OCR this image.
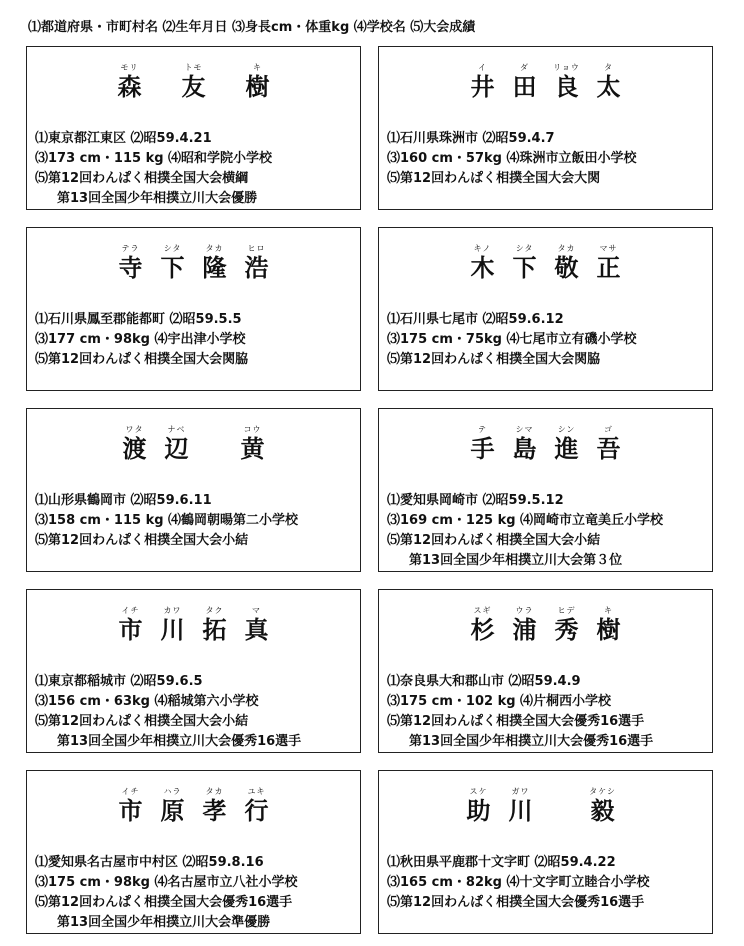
⑴都道府県・市町村名 ⑵生年月日 ⑶身長cm・体重kg ⑷学校名 ⑸大会成績
モリ
森
トモ
友
キ
樹
⑴東京都江東区 ⑵昭59.4.21
⑶173 cm・115 kg ⑷昭和学院小学校
⑸第12回わんぱく相撲全国大会横綱
第13回全国少年相撲立川大会優勝
イ
井
ダ
田
リョウ
良
タ
太
⑴石川県珠洲市 ⑵昭59.4.7
⑶160 cm・57kg ⑷珠洲市立飯田小学校
⑸第12回わんぱく相撲全国大会大関
テラ
寺
シタ
下
タカ
隆
ヒロ
浩
⑴石川県鳳至郡能都町 ⑵昭59.5.5
⑶177 cm・98kg ⑷宇出津小学校
⑸第12回わんぱく相撲全国大会関脇
キノ
木
シタ
下
タカ
敬
マサ
正
⑴石川県七尾市 ⑵昭59.6.12
⑶175 cm・75kg ⑷七尾市立有磯小学校
⑸第12回わんぱく相撲全国大会関脇
ワタ
渡
ナベ
辺
コウ
黄
⑴山形県鶴岡市 ⑵昭59.6.11
⑶158 cm・115 kg ⑷鶴岡朝暘第二小学校
⑸第12回わんぱく相撲全国大会小結
テ
手
シマ
島
シン
進
ゴ
吾
⑴愛知県岡崎市 ⑵昭59.5.12
⑶169 cm・125 kg ⑷岡崎市立竜美丘小学校
⑸第12回わんぱく相撲全国大会小結
第13回全国少年相撲立川大会第３位
イチ
市
カワ
川
タク
拓
マ
真
⑴東京都稲城市 ⑵昭59.6.5
⑶156 cm・63kg ⑷稲城第六小学校
⑸第12回わんぱく相撲全国大会小結
第13回全国少年相撲立川大会優秀16選手
スギ
杉
ウラ
浦
ヒデ
秀
キ
樹
⑴奈良県大和郡山市 ⑵昭59.4.9
⑶175 cm・102 kg ⑷片桐西小学校
⑸第12回わんぱく相撲全国大会優秀16選手
第13回全国少年相撲立川大会優秀16選手
イチ
市
ハラ
原
タカ
孝
ユキ
行
⑴愛知県名古屋市中村区 ⑵昭59.8.16
⑶175 cm・98kg ⑷名古屋市立八社小学校
⑸第12回わんぱく相撲全国大会優秀16選手
第13回全国少年相撲立川大会準優勝
スケ
助
ガワ
川
タケシ
毅
⑴秋田県平鹿郡十文字町 ⑵昭59.4.22
⑶165 cm・82kg ⑷十文字町立睦合小学校
⑸第12回わんぱく相撲全国大会優秀16選手
